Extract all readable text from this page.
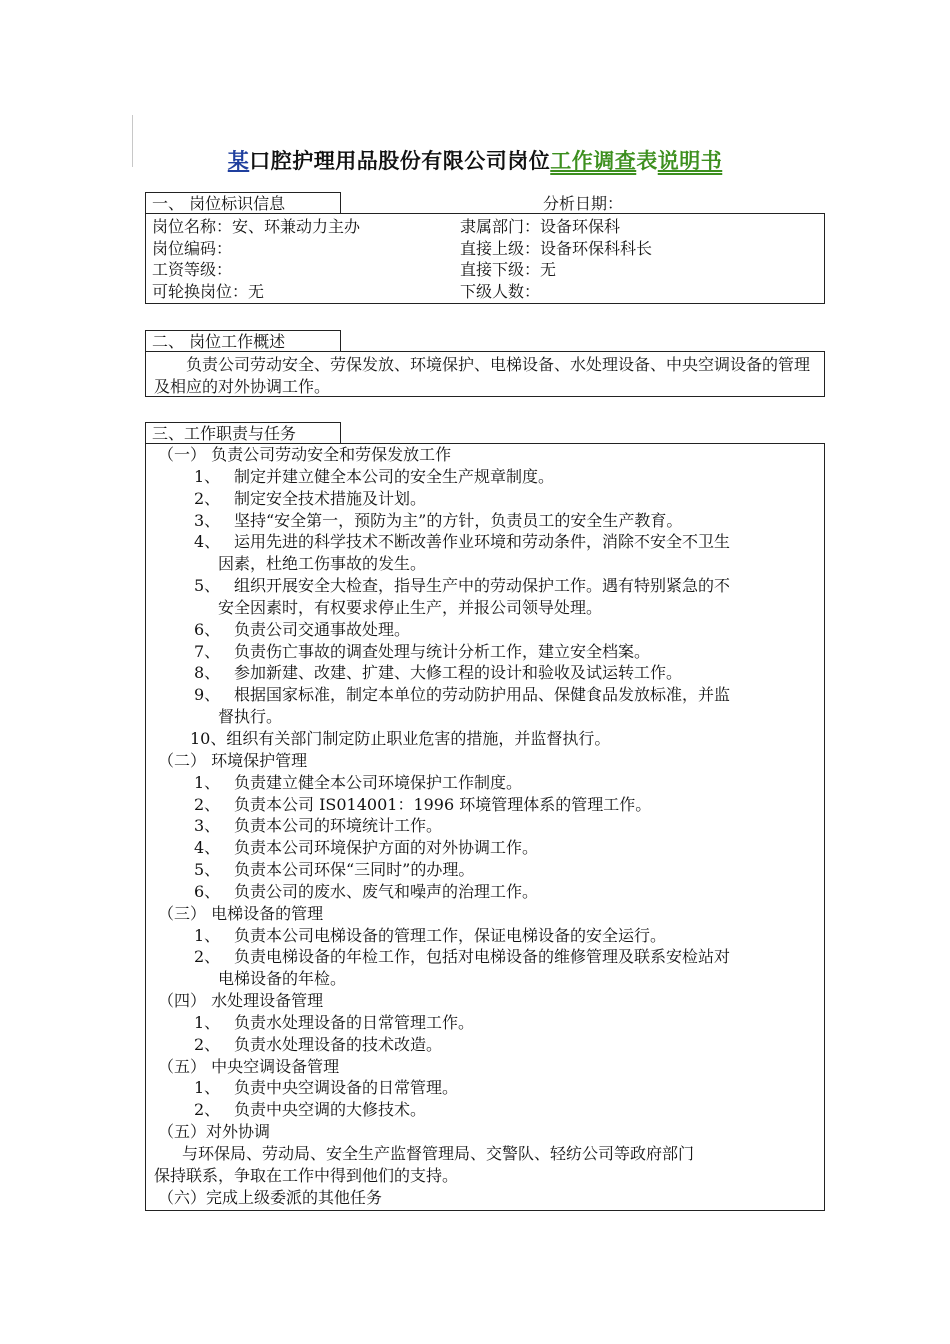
某口腔护理用品股份有限公司岗位工作调查表说明书
一、 岗位标识信息	分析日期：
岗位名称：安、环兼动力主办	隶属部门：设备环保科
岗位编码：	直接上级：设备环保科科长
工资等级：	直接下级：无
可轮换岗位：无	下级人数：
二、 岗位工作概述
负责公司劳动安全、劳保发放、环境保护、电梯设备、水处理设备、中央空调设备的管理及相应的对外协调工作。
三、工作职责与任务
（一） 负责公司劳动安全和劳保发放工作
1、 制定并建立健全本公司的安全生产规章制度。
2、 制定安全技术措施及计划。
3、 坚持“安全第一，预防为主”的方针，负责员工的安全生产教育。
4、 运用先进的科学技术不断改善作业环境和劳动条件，消除不安全不卫生
因素，杜绝工伤事故的发生。
5、 组织开展安全大检查，指导生产中的劳动保护工作。遇有特别紧急的不
安全因素时，有权要求停止生产，并报公司领导处理。
6、 负责公司交通事故处理。
7、 负责伤亡事故的调查处理与统计分析工作，建立安全档案。
8、 参加新建、改建、扩建、大修工程的设计和验收及试运转工作。
9、 根据国家标准，制定本单位的劳动防护用品、保健食品发放标准，并监
督执行。
10、组织有关部门制定防止职业危害的措施，并监督执行。
（二） 环境保护管理
1、 负责建立健全本公司环境保护工作制度。
2、 负责本公司 IS014001：1996 环境管理体系的管理工作。
3、 负责本公司的环境统计工作。
4、 负责本公司环境保护方面的对外协调工作。
5、 负责本公司环保“三同时”的办理。
6、 负责公司的废水、废气和噪声的治理工作。
（三） 电梯设备的管理
1、 负责本公司电梯设备的管理工作，保证电梯设备的安全运行。
2、 负责电梯设备的年检工作，包括对电梯设备的维修管理及联系安检站对
电梯设备的年检。
（四） 水处理设备管理
1、 负责水处理设备的日常管理工作。
2、 负责水处理设备的技术改造。
（五） 中央空调设备管理
1、 负责中央空调设备的日常管理。
2、 负责中央空调的大修技术。
（五）对外协调
与环保局、劳动局、安全生产监督管理局、交警队、轻纺公司等政府部门
保持联系，争取在工作中得到他们的支持。
（六）完成上级委派的其他任务
